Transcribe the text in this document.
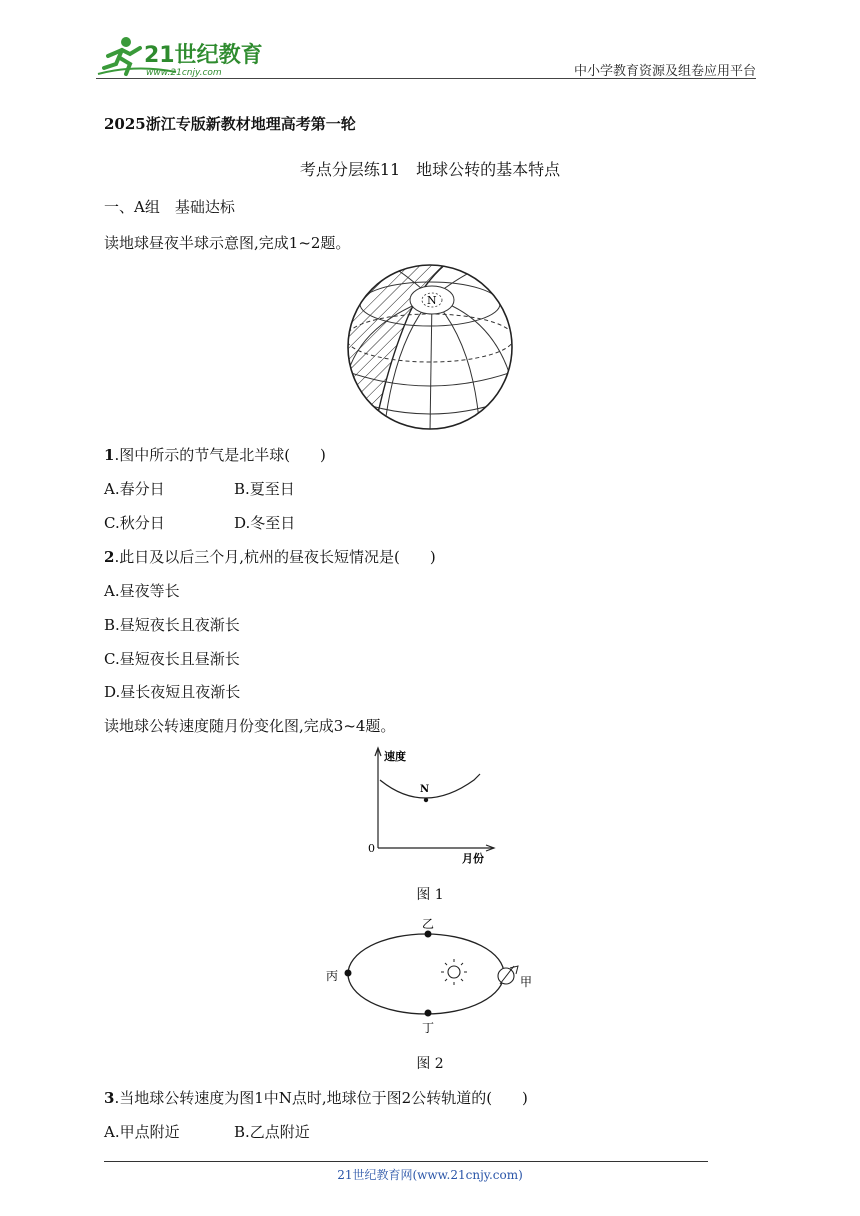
21世纪教育
www.21cnjy.com	中小学教育资源及组卷应用平台
2025浙江专版新教材地理高考第一轮
考点分层练11　地球公转的基本特点
一、A组　基础达标
读地球昼夜半球示意图,完成1~2题。
N
1.图中所示的节气是北半球(　　)
A.春分日	B.夏至日
C.秋分日	D.冬至日
2.此日及以后三个月,杭州的昼夜长短情况是(　　)
A.昼夜等长
B.昼短夜长且夜渐长
C.昼短夜长且昼渐长
D.昼长夜短且夜渐长
读地球公转速度随月份变化图,完成3~4题。
速度
N
0
月份
图 1
乙
丙	甲
丁
图 2
3.当地球公转速度为图1中N点时,地球位于图2公转轨道的(　　)
A.甲点附近	B.乙点附近
21世纪教育网(www.21cnjy.com)
